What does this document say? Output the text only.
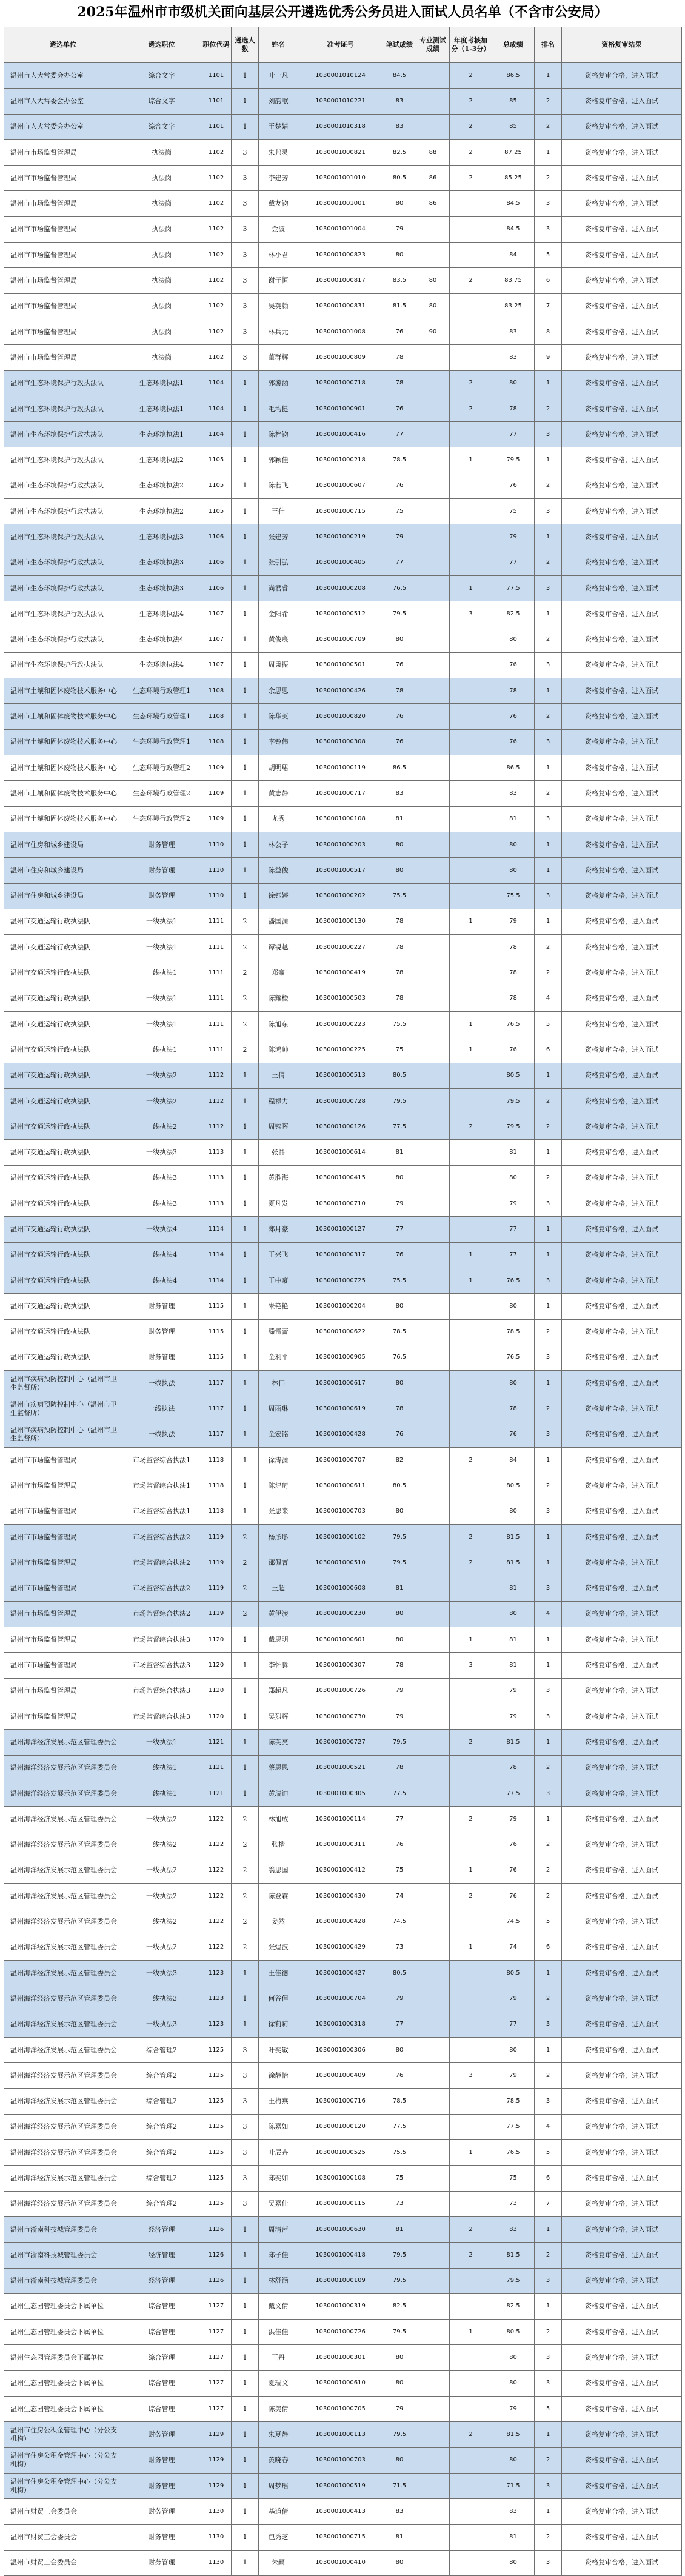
2025年温州市市级机关面向基层公开遴选优秀公务员进入面试人员名单（不含市公安局）
遴选单位	遴选职位	职位代码	遴选人数	姓名	准考证号	笔试成绩	专业测试成绩	年度考核加分（1-3分）	总成绩	排名	资格复审结果
温州市人大常委会办公室	综合文字	1101	1	叶一凡	1030001010124	84.5		2	86.5	1	资格复审合格，进入面试
温州市人大常委会办公室	综合文字	1101	1	刘韵岷	1030001010221	83		2	85	2	资格复审合格，进入面试
温州市人大常委会办公室	综合文字	1101	1	王楚婧	1030001010318	83		2	85	2	资格复审合格，进入面试
温州市市场监督管理局	执法岗	1102	3	朱邦灵	1030001000821	82.5	88	2	87.25	1	资格复审合格，进入面试
温州市市场监督管理局	执法岗	1102	3	李建芳	1030001001010	80.5	86	2	85.25	2	资格复审合格，进入面试
温州市市场监督管理局	执法岗	1102	3	戴友钧	1030001001001	80	86		84.5	3	资格复审合格，进入面试
温州市市场监督管理局	执法岗	1102	3	金波	1030001001004	79			84.5	3	资格复审合格，进入面试
温州市市场监督管理局	执法岗	1102	3	林小君	1030001000823	80			84	5	资格复审合格，进入面试
温州市市场监督管理局	执法岗	1102	3	谢子恒	1030001000817	83.5	80	2	83.75	6	资格复审合格，进入面试
温州市市场监督管理局	执法岗	1102	3	吴英翰	1030001000831	81.5	80		83.25	7	资格复审合格，进入面试
温州市市场监督管理局	执法岗	1102	3	林兵元	1030001001008	76	90		83	8	资格复审合格，进入面试
温州市市场监督管理局	执法岗	1102	3	董群辉	1030001000809	78			83	9	资格复审合格，进入面试
温州市生态环境保护行政执法队	生态环境执法1	1104	1	郭游涵	1030001000718	78		2	80	1	资格复审合格，进入面试
温州市生态环境保护行政执法队	生态环境执法1	1104	1	毛均健	1030001000901	76		2	78	2	资格复审合格，进入面试
温州市生态环境保护行政执法队	生态环境执法1	1104	1	陈梓钧	1030001000416	77			77	3	资格复审合格，进入面试
温州市生态环境保护行政执法队	生态环境执法2	1105	1	郭颖佳	1030001000218	78.5		1	79.5	1	资格复审合格，进入面试
温州市生态环境保护行政执法队	生态环境执法2	1105	1	陈若飞	1030001000607	76			76	2	资格复审合格，进入面试
温州市生态环境保护行政执法队	生态环境执法2	1105	1	王佳	1030001000715	75			75	3	资格复审合格，进入面试
温州市生态环境保护行政执法队	生态环境执法3	1106	1	张建芳	1030001000219	79			79	1	资格复审合格，进入面试
温州市生态环境保护行政执法队	生态环境执法3	1106	1	张引弘	1030001000405	77			77	2	资格复审合格，进入面试
温州市生态环境保护行政执法队	生态环境执法3	1106	1	尚君睿	1030001000208	76.5		1	77.5	3	资格复审合格，进入面试
温州市生态环境保护行政执法队	生态环境执法4	1107	1	金阳希	1030001000512	79.5		3	82.5	1	资格复审合格，进入面试
温州市生态环境保护行政执法队	生态环境执法4	1107	1	黄俊宸	1030001000709	80			80	2	资格复审合格，进入面试
温州市生态环境保护行政执法队	生态环境执法4	1107	1	周秉振	1030001000501	76			76	3	资格复审合格，进入面试
温州市土壤和固体废物技术服务中心	生态环境行政管理1	1108	1	余思思	1030001000426	78			78	1	资格复审合格，进入面试
温州市土壤和固体废物技术服务中心	生态环境行政管理1	1108	1	陈华英	1030001000820	76			76	2	资格复审合格，进入面试
温州市土壤和固体废物技术服务中心	生态环境行政管理1	1108	1	李铃伟	1030001000308	76			76	3	资格复审合格，进入面试
温州市土壤和固体废物技术服务中心	生态环境行政管理2	1109	1	胡明珺	1030001000119	86.5			86.5	1	资格复审合格，进入面试
温州市土壤和固体废物技术服务中心	生态环境行政管理2	1109	1	黄志静	1030001000717	83			83	2	资格复审合格，进入面试
温州市土壤和固体废物技术服务中心	生态环境行政管理2	1109	1	尤秀	1030001000108	81			81	3	资格复审合格，进入面试
温州市住房和城乡建设局	财务管理	1110	1	林公子	1030001000203	80			80	1	资格复审合格，进入面试
温州市住房和城乡建设局	财务管理	1110	1	陈益俊	1030001000517	80			80	1	资格复审合格，进入面试
温州市住房和城乡建设局	财务管理	1110	1	徐钰婷	1030001000202	75.5			75.5	3	资格复审合格，进入面试
温州市交通运输行政执法队	一线执法1	1111	2	潘国源	1030001000130	78		1	79	1	资格复审合格，进入面试
温州市交通运输行政执法队	一线执法1	1111	2	谭锐越	1030001000227	78			78	2	资格复审合格，进入面试
温州市交通运输行政执法队	一线执法1	1111	2	郑豪	1030001000419	78			78	2	资格复审合格，进入面试
温州市交通运输行政执法队	一线执法1	1111	2	陈耀楼	1030001000503	78			78	4	资格复审合格，进入面试
温州市交通运输行政执法队	一线执法1	1111	2	陈旭东	1030001000223	75.5		1	76.5	5	资格复审合格，进入面试
温州市交通运输行政执法队	一线执法1	1111	2	陈鸿帅	1030001000225	75		1	76	6	资格复审合格，进入面试
温州市交通运输行政执法队	一线执法2	1112	1	王倩	1030001000513	80.5			80.5	1	资格复审合格，进入面试
温州市交通运输行政执法队	一线执法2	1112	1	程禄力	1030001000728	79.5			79.5	2	资格复审合格，进入面试
温州市交通运输行政执法队	一线执法2	1112	1	周锦晖	1030001000126	77.5		2	79.5	2	资格复审合格，进入面试
温州市交通运输行政执法队	一线执法3	1113	1	张晶	1030001000614	81			81	1	资格复审合格，进入面试
温州市交通运输行政执法队	一线执法3	1113	1	黄胜海	1030001000415	80			80	2	资格复审合格，进入面试
温州市交通运输行政执法队	一线执法3	1113	1	夏凡发	1030001000710	79			79	3	资格复审合格，进入面试
温州市交通运输行政执法队	一线执法4	1114	1	郑月豪	1030001000127	77			77	1	资格复审合格，进入面试
温州市交通运输行政执法队	一线执法4	1114	1	王兴飞	1030001000317	76		1	77	1	资格复审合格，进入面试
温州市交通运输行政执法队	一线执法4	1114	1	王中豪	1030001000725	75.5		1	76.5	3	资格复审合格，进入面试
温州市交通运输行政执法队	财务管理	1115	1	朱艳艳	1030001000204	80			80	1	资格复审合格，进入面试
温州市交通运输行政执法队	财务管理	1115	1	滕雷蕾	1030001000622	78.5			78.5	2	资格复审合格，进入面试
温州市交通运输行政执法队	财务管理	1115	1	金利平	1030001000905	76.5			76.5	3	资格复审合格，进入面试
温州市疾病预防控制中心（温州市卫生监督所）	一线执法	1117	1	林伟	1030001000617	80			80	1	资格复审合格，进入面试
温州市疾病预防控制中心（温州市卫生监督所）	一线执法	1117	1	周雨琳	1030001000619	78			78	2	资格复审合格，进入面试
温州市疾病预防控制中心（温州市卫生监督所）	一线执法	1117	1	金宏铭	1030001000428	76			76	3	资格复审合格，进入面试
温州市市场监督管理局	市场监督综合执法1	1118	1	徐涛源	1030001000707	82		2	84	1	资格复审合格，进入面试
温州市市场监督管理局	市场监督综合执法1	1118	1	陈煌琦	1030001000611	80.5			80.5	2	资格复审合格，进入面试
温州市市场监督管理局	市场监督综合执法1	1118	1	张思来	1030001000703	80			80	3	资格复审合格，进入面试
温州市市场监督管理局	市场监督综合执法2	1119	2	杨彤彤	1030001000102	79.5		2	81.5	1	资格复审合格，进入面试
温州市市场监督管理局	市场监督综合执法2	1119	2	邵佩菁	1030001000510	79.5		2	81.5	1	资格复审合格，进入面试
温州市市场监督管理局	市场监督综合执法2	1119	2	王超	1030001000608	81			81	3	资格复审合格，进入面试
温州市市场监督管理局	市场监督综合执法2	1119	2	黄伊凌	1030001000230	80			80	4	资格复审合格，进入面试
温州市市场监督管理局	市场监督综合执法3	1120	1	戴思明	1030001000601	80		1	81	1	资格复审合格，进入面试
温州市市场监督管理局	市场监督综合执法3	1120	1	李怀腾	1030001000307	78		3	81	1	资格复审合格，进入面试
温州市市场监督管理局	市场监督综合执法3	1120	1	郑超凡	1030001000726	79			79	3	资格复审合格，进入面试
温州市市场监督管理局	市场监督综合执法3	1120	1	吴烈辉	1030001000730	79			79	3	资格复审合格，进入面试
温州海洋经济发展示范区管理委员会	一线执法1	1121	1	陈芙亮	1030001000727	79.5		2	81.5	1	资格复审合格，进入面试
温州海洋经济发展示范区管理委员会	一线执法1	1121	1	蔡思思	1030001000521	78			78	2	资格复审合格，进入面试
温州海洋经济发展示范区管理委员会	一线执法1	1121	1	黄瑞迪	1030001000305	77.5			77.5	3	资格复审合格，进入面试
温州海洋经济发展示范区管理委员会	一线执法2	1122	2	林旭成	1030001000114	77		2	79	1	资格复审合格，进入面试
温州海洋经济发展示范区管理委员会	一线执法2	1122	2	张楷	1030001000311	76			76	2	资格复审合格，进入面试
温州海洋经济发展示范区管理委员会	一线执法2	1122	2	翁思国	1030001000412	75		1	76	2	资格复审合格，进入面试
温州海洋经济发展示范区管理委员会	一线执法2	1122	2	陈登霖	1030001000430	74		2	76	2	资格复审合格，进入面试
温州海洋经济发展示范区管理委员会	一线执法2	1122	2	姜然	1030001000428	74.5			74.5	5	资格复审合格，进入面试
温州海洋经济发展示范区管理委员会	一线执法2	1122	2	张煜波	1030001000429	73		1	74	6	资格复审合格，进入面试
温州海洋经济发展示范区管理委员会	一线执法3	1123	1	王佳德	1030001000427	80.5			80.5	1	资格复审合格，进入面试
温州海洋经济发展示范区管理委员会	一线执法3	1123	1	何谷俚	1030001000704	79			79	2	资格复审合格，进入面试
温州海洋经济发展示范区管理委员会	一线执法3	1123	1	徐莉莉	1030001000318	77			77	3	资格复审合格，进入面试
温州海洋经济发展示范区管理委员会	综合管理2	1125	3	叶奕敏	1030001000306	80			80	1	资格复审合格，进入面试
温州海洋经济发展示范区管理委员会	综合管理2	1125	3	徐静怡	1030001000409	76		3	79	2	资格复审合格，进入面试
温州海洋经济发展示范区管理委员会	综合管理2	1125	3	王梅燕	1030001000716	78.5			78.5	3	资格复审合格，进入面试
温州海洋经济发展示范区管理委员会	综合管理2	1125	3	陈嘉如	1030001000120	77.5			77.5	4	资格复审合格，进入面试
温州海洋经济发展示范区管理委员会	综合管理2	1125	3	叶辰卉	1030001000525	75.5		1	76.5	5	资格复审合格，进入面试
温州海洋经济发展示范区管理委员会	综合管理2	1125	3	郑奕如	1030001000108	75			75	6	资格复审合格，进入面试
温州海洋经济发展示范区管理委员会	综合管理2	1125	3	吴嘉佳	1030001000115	73			73	7	资格复审合格，进入面试
温州市浙南科技城管理委员会	经济管理	1126	1	周清萍	1030001000630	81		2	83	1	资格复审合格，进入面试
温州市浙南科技城管理委员会	经济管理	1126	1	郑子佳	1030001000418	79.5		2	81.5	2	资格复审合格，进入面试
温州市浙南科技城管理委员会	经济管理	1126	1	林舒涵	1030001000109	79.5			79.5	3	资格复审合格，进入面试
温州生态园管理委员会下属单位	综合管理	1127	1	戴文倩	1030001000319	82.5			82.5	1	资格复审合格，进入面试
温州生态园管理委员会下属单位	综合管理	1127	1	洪佳佳	1030001000726	79.5		1	80.5	2	资格复审合格，进入面试
温州生态园管理委员会下属单位	综合管理	1127	1	王丹	1030001000301	80			80	3	资格复审合格，进入面试
温州生态园管理委员会下属单位	综合管理	1127	1	夏瑞文	1030001000610	80			80	3	资格复审合格，进入面试
温州生态园管理委员会下属单位	综合管理	1127	1	陈美倩	1030001000705	79			79	5	资格复审合格，进入面试
温州市住房公积金管理中心（分公支机构）	财务管理	1129	1	朱夏静	1030001000113	79.5		2	81.5	1	资格复审合格，进入面试
温州市住房公积金管理中心（分公支机构）	财务管理	1129	1	黄晓春	1030001000703	80			80	2	资格复审合格，进入面试
温州市住房公积金管理中心（分公支机构）	财务管理	1129	1	周梦瑶	1030001000519	71.5			71.5	3	资格复审合格，进入面试
温州市财贸工会委员会	财务管理	1130	1	基道倩	1030001000413	83			83	1	资格复审合格，进入面试
温州市财贸工会委员会	财务管理	1130	1	包秀芝	1030001000715	81			81	2	资格复审合格，进入面试
温州市财贸工会委员会	财务管理	1130	1	朱嗣	1030001000410	80			80	3	资格复审合格，进入面试
